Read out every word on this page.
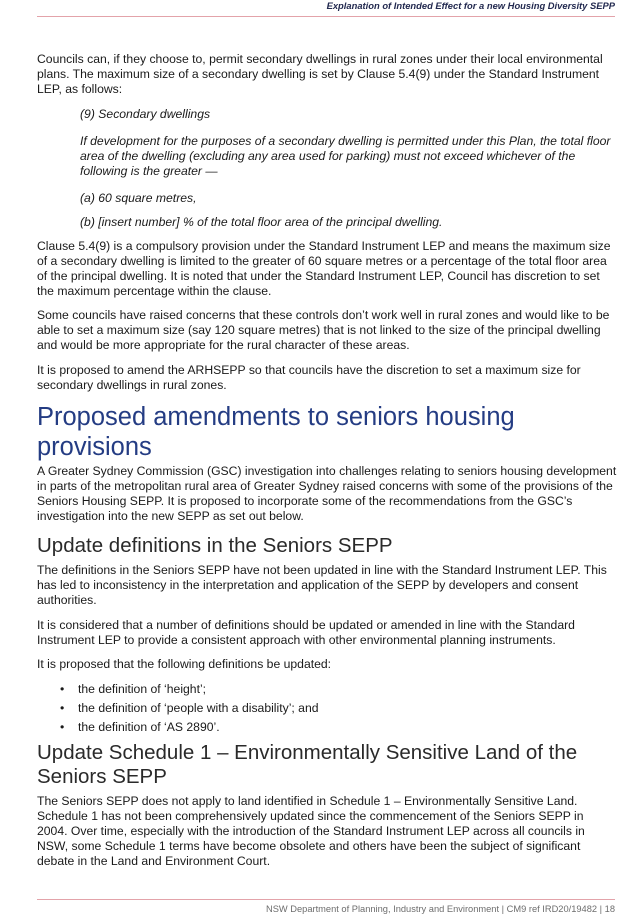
Explanation of Intended Effect for a new Housing Diversity SEPP

Councils can, if they choose to, permit secondary dwellings in rural zones under their local environmental plans. The maximum size of a secondary dwelling is set by Clause 5.4(9) under the Standard Instrument LEP, as follows:

(9) Secondary dwellings

If development for the purposes of a secondary dwelling is permitted under this Plan, the total floor area of the dwelling (excluding any area used for parking) must not exceed whichever of the following is the greater —

(a) 60 square metres,

(b) [insert number] % of the total floor area of the principal dwelling.

Clause 5.4(9) is a compulsory provision under the Standard Instrument LEP and means the maximum size of a secondary dwelling is limited to the greater of 60 square metres or a percentage of the total floor area of the principal dwelling. It is noted that under the Standard Instrument LEP, Council has discretion to set the maximum percentage within the clause.

Some councils have raised concerns that these controls don’t work well in rural zones and would like to be able to set a maximum size (say 120 square metres) that is not linked to the size of the principal dwelling and would be more appropriate for the rural character of these areas.

It is proposed to amend the ARHSEPP so that councils have the discretion to set a maximum size for secondary dwellings in rural zones.

Proposed amendments to seniors housing provisions

A Greater Sydney Commission (GSC) investigation into challenges relating to seniors housing development in parts of the metropolitan rural area of Greater Sydney raised concerns with some of the provisions of the Seniors Housing SEPP. It is proposed to incorporate some of the recommendations from the GSC’s investigation into the new SEPP as set out below.

Update definitions in the Seniors SEPP

The definitions in the Seniors SEPP have not been updated in line with the Standard Instrument LEP. This has led to inconsistency in the interpretation and application of the SEPP by developers and consent authorities.

It is considered that a number of definitions should be updated or amended in line with the Standard Instrument LEP to provide a consistent approach with other environmental planning instruments.

It is proposed that the following definitions be updated:

• the definition of ‘height’;
• the definition of ‘people with a disability’; and
• the definition of ‘AS 2890’.
Update Schedule 1 – Environmentally Sensitive Land of the Seniors SEPP

The Seniors SEPP does not apply to land identified in Schedule 1 – Environmentally Sensitive Land. Schedule 1 has not been comprehensively updated since the commencement of the Seniors SEPP in 2004. Over time, especially with the introduction of the Standard Instrument LEP across all councils in NSW, some Schedule 1 terms have become obsolete and others have been the subject of significant debate in the Land and Environment Court.

NSW Department of Planning, Industry and Environment | CM9 ref IRD20/19482 | 18
